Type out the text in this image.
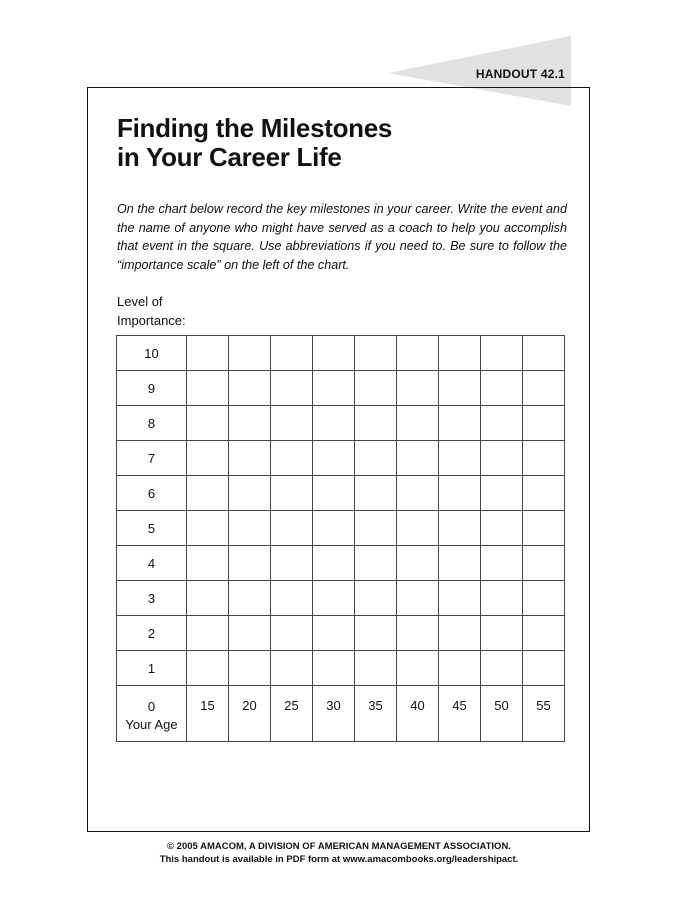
HANDOUT 42.1
Finding the Milestones
in Your Career Life

On the chart below record the key milestones in your career. Write the event and the name of anyone who might have served as a coach to help you accomplish that event in the square. Use abbreviations if you need to. Be sure to follow the “importance scale” on the left of the chart.

Level of
Importance:
10									
9									
8									
7									
6									
5									
4									
3									
2									
1									

0
Your Age	15	20	25	30	35	40	45	50	55
© 2005 AMACOM, A DIVISION OF AMERICAN MANAGEMENT ASSOCIATION.
This handout is available in PDF form at www.amacombooks.org/leadershipact.
